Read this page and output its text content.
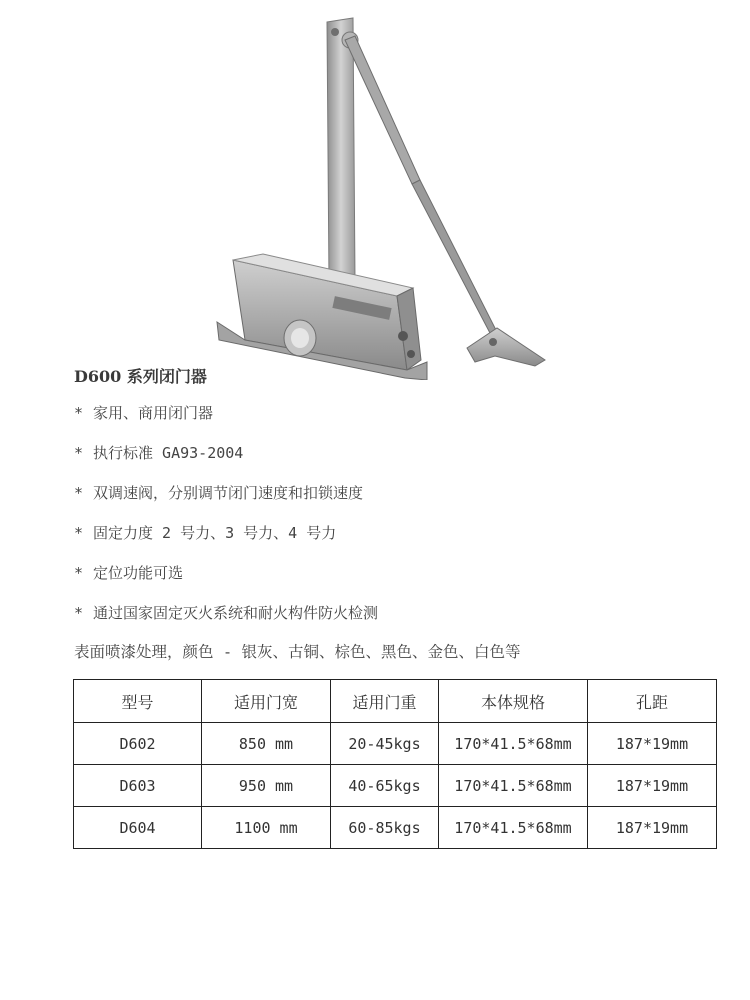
D600 系列闭门器
* 家用、商用闭门器
* 执行标准 GA93-2004
* 双调速阀，分别调节闭门速度和扣锁速度
* 固定力度 2 号力、3 号力、4 号力
* 定位功能可选
* 通过国家固定灭火系统和耐火构件防火检测
表面喷漆处理，颜色 - 银灰、古铜、棕色、黑色、金色、白色等
型号	适用门宽	适用门重	本体规格	孔距
D602	850 mm	20-45kgs	170*41.5*68mm	187*19mm
D603	950 mm	40-65kgs	170*41.5*68mm	187*19mm
D604	1100 mm	60-85kgs	170*41.5*68mm	187*19mm
